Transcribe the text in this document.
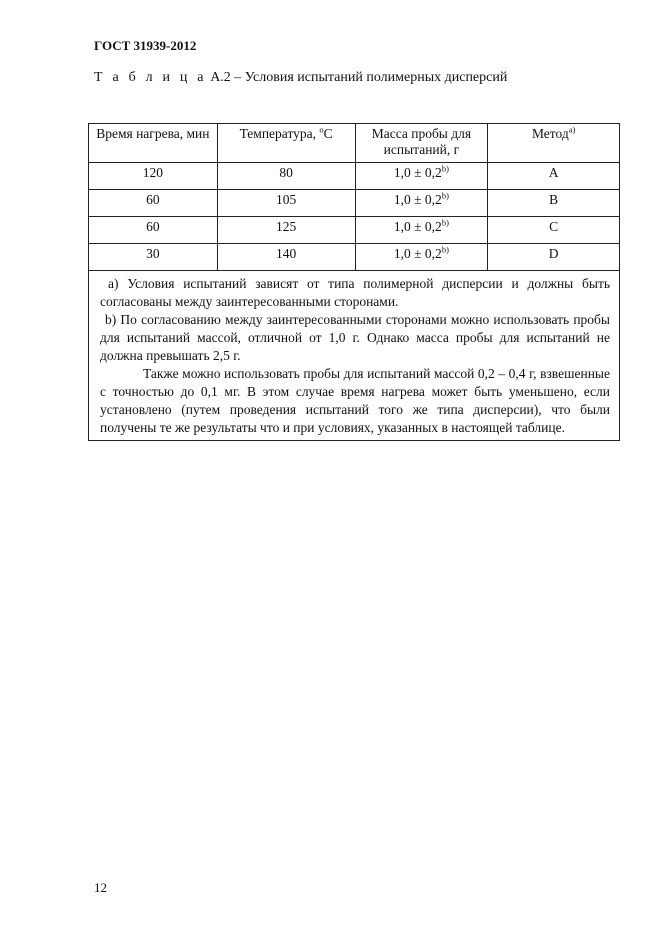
ГОСТ 31939-2012
Т а б л и ц а А.2 – Условия испытаний полимерных дисперсий
Время нагрева, мин	Температура, $^o$С	Масса пробы для испытаний, г	Метод$^{a)}$
120	80	$1,0 \pm 0,2^{b)}$	A
60	105	$1,0 \pm 0,2^{b)}$	B
60	125	$1,0 \pm 0,2^{b)}$	C
30	140	$1,0 \pm 0,2^{b)}$	D

a) Условия испытаний зависят от типа полимерной дисперсии и должны быть согласованы между заинтересованными сторонами.

b) По согласованию между заинтересованными сторонами можно использовать пробы для испытаний массой, отличной от 1,0 г. Однако масса пробы для испытаний не должна превышать 2,5 г.

Также можно использовать пробы для испытаний массой 0,2 – 0,4 г, взвешенные с точностью до 0,1 мг. В этом случае время нагрева может быть уменьшено, если установлено (путем проведения испытаний того же типа дисперсии), что были получены те же результаты что и при условиях, указанных в настоящей таблице.			

12
